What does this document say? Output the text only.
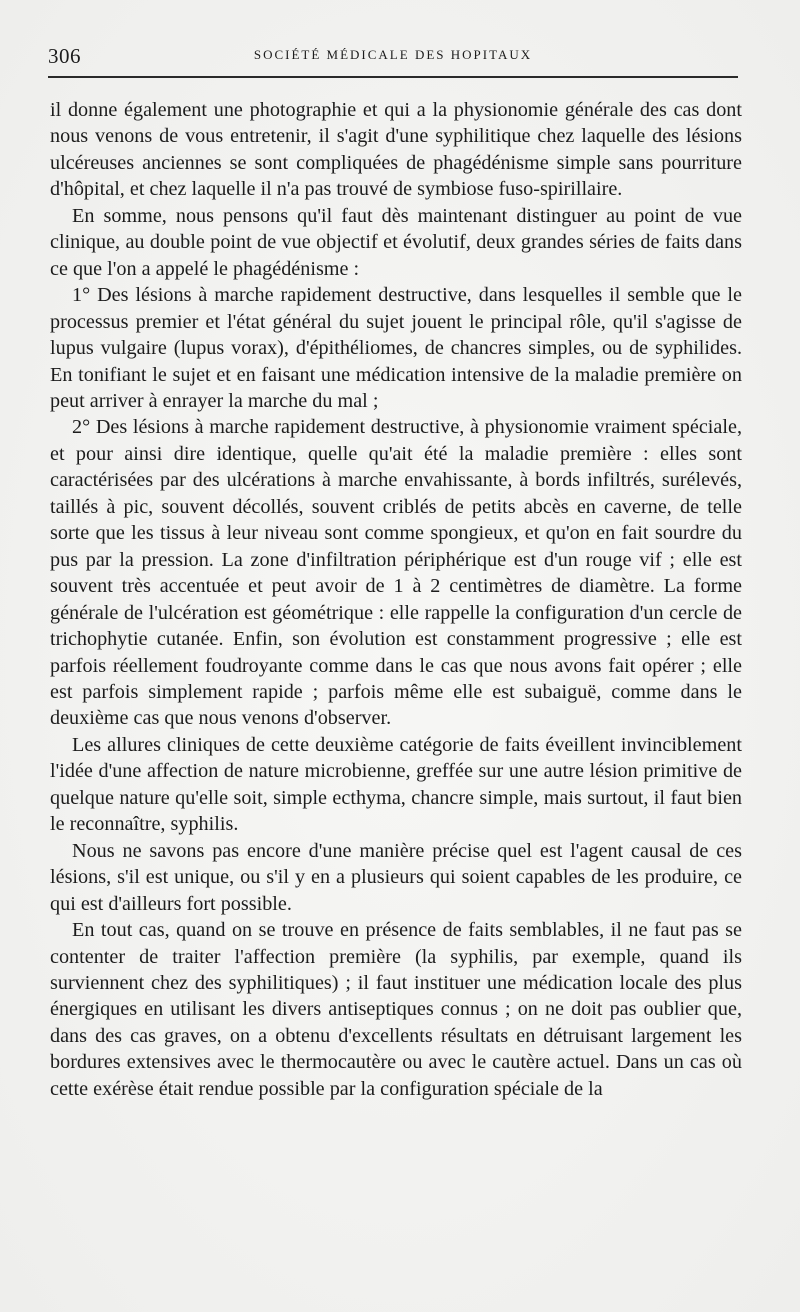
306	SOCIÉTÉ MÉDICALE DES HOPITAUX

il donne également une photographie et qui a la physionomie générale des cas dont nous venons de vous entretenir, il s'agit d'une syphilitique chez laquelle des lésions ulcéreuses anciennes se sont compliquées de phagédénisme simple sans pourriture d'hôpital, et chez laquelle il n'a pas trouvé de symbiose fuso-spirillaire.

En somme, nous pensons qu'il faut dès maintenant distinguer au point de vue clinique, au double point de vue objectif et évolutif, deux grandes séries de faits dans ce que l'on a appelé le phagédénisme :

1° Des lésions à marche rapidement destructive, dans lesquelles il semble que le processus premier et l'état général du sujet jouent le principal rôle, qu'il s'agisse de lupus vulgaire (lupus vorax), d'épithéliomes, de chancres simples, ou de syphilides. En tonifiant le sujet et en faisant une médication intensive de la maladie première on peut arriver à enrayer la marche du mal ;

2° Des lésions à marche rapidement destructive, à physionomie vraiment spéciale, et pour ainsi dire identique, quelle qu'ait été la maladie première : elles sont caractérisées par des ulcérations à marche envahissante, à bords infiltrés, surélevés, taillés à pic, souvent décollés, souvent criblés de petits abcès en caverne, de telle sorte que les tissus à leur niveau sont comme spongieux, et qu'on en fait sourdre du pus par la pression. La zone d'infiltration périphérique est d'un rouge vif ; elle est souvent très accentuée et peut avoir de 1 à 2 centimètres de diamètre. La forme générale de l'ulcération est géométrique : elle rappelle la configuration d'un cercle de trichophytie cutanée. Enfin, son évolution est constamment progressive ; elle est parfois réellement foudroyante comme dans le cas que nous avons fait opérer ; elle est parfois simplement rapide ; parfois même elle est subaiguë, comme dans le deuxième cas que nous venons d'observer.

Les allures cliniques de cette deuxième catégorie de faits éveillent invinciblement l'idée d'une affection de nature microbienne, greffée sur une autre lésion primitive de quelque nature qu'elle soit, simple ecthyma, chancre simple, mais surtout, il faut bien le reconnaître, syphilis.

Nous ne savons pas encore d'une manière précise quel est l'agent causal de ces lésions, s'il est unique, ou s'il y en a plusieurs qui soient capables de les produire, ce qui est d'ailleurs fort possible.

En tout cas, quand on se trouve en présence de faits semblables, il ne faut pas se contenter de traiter l'affection première (la syphilis, par exemple, quand ils surviennent chez des syphilitiques) ; il faut instituer une médication locale des plus énergiques en utilisant les divers antiseptiques connus ; on ne doit pas oublier que, dans des cas graves, on a obtenu d'excellents résultats en détruisant largement les bordures extensives avec le thermocautère ou avec le cautère actuel. Dans un cas où cette exérèse était rendue possible par la configuration spéciale de la
